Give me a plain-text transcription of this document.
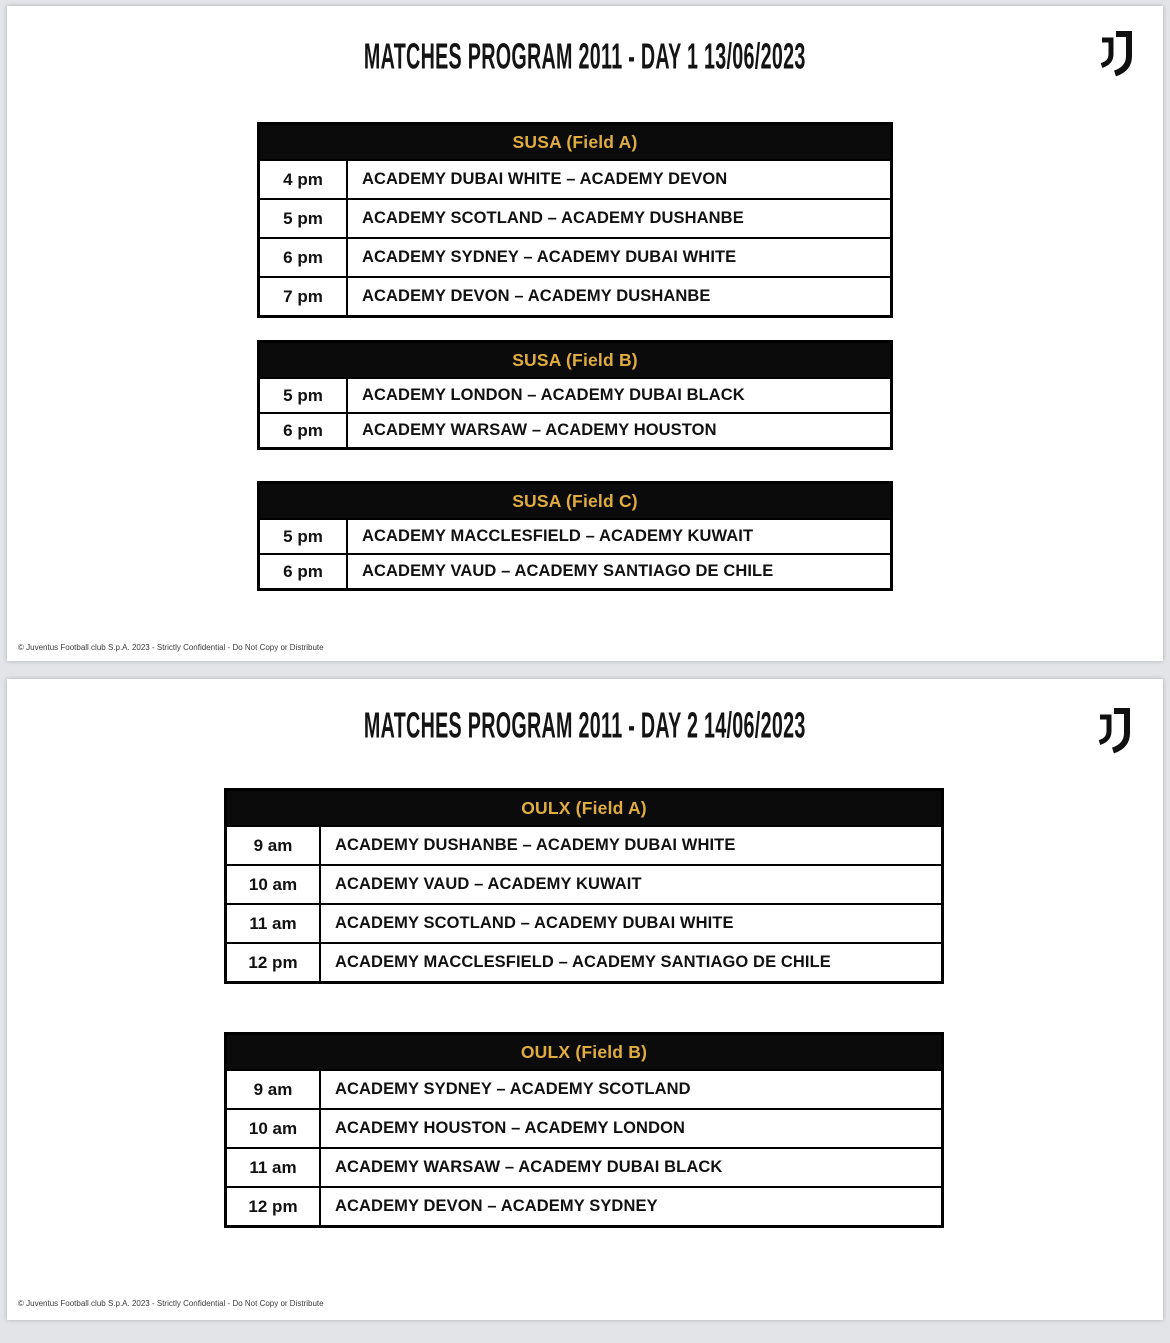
MATCHES PROGRAM 2011 - DAY 1 13/06/2023
SUSA (Field A)
4 pm	ACADEMY DUBAI WHITE – ACADEMY DEVON
5 pm	ACADEMY SCOTLAND – ACADEMY DUSHANBE
6 pm	ACADEMY SYDNEY – ACADEMY DUBAI WHITE
7 pm	ACADEMY DEVON – ACADEMY DUSHANBE
SUSA (Field B)
5 pm	ACADEMY LONDON – ACADEMY DUBAI BLACK
6 pm	ACADEMY WARSAW – ACADEMY HOUSTON
SUSA (Field C)
5 pm	ACADEMY MACCLESFIELD – ACADEMY KUWAIT
6 pm	ACADEMY VAUD – ACADEMY SANTIAGO DE CHILE
© Juventus Football club S.p.A. 2023 - Strictly Confidential - Do Not Copy or Distribute
MATCHES PROGRAM 2011 - DAY 2 14/06/2023
OULX (Field A)
9 am	ACADEMY DUSHANBE – ACADEMY DUBAI WHITE
10 am	ACADEMY VAUD – ACADEMY KUWAIT
11 am	ACADEMY SCOTLAND – ACADEMY DUBAI WHITE
12 pm	ACADEMY MACCLESFIELD – ACADEMY SANTIAGO DE CHILE
OULX (Field B)
9 am	ACADEMY SYDNEY – ACADEMY SCOTLAND
10 am	ACADEMY HOUSTON – ACADEMY LONDON
11 am	ACADEMY WARSAW – ACADEMY DUBAI BLACK
12 pm	ACADEMY DEVON – ACADEMY SYDNEY
© Juventus Football club S.p.A. 2023 - Strictly Confidential - Do Not Copy or Distribute
